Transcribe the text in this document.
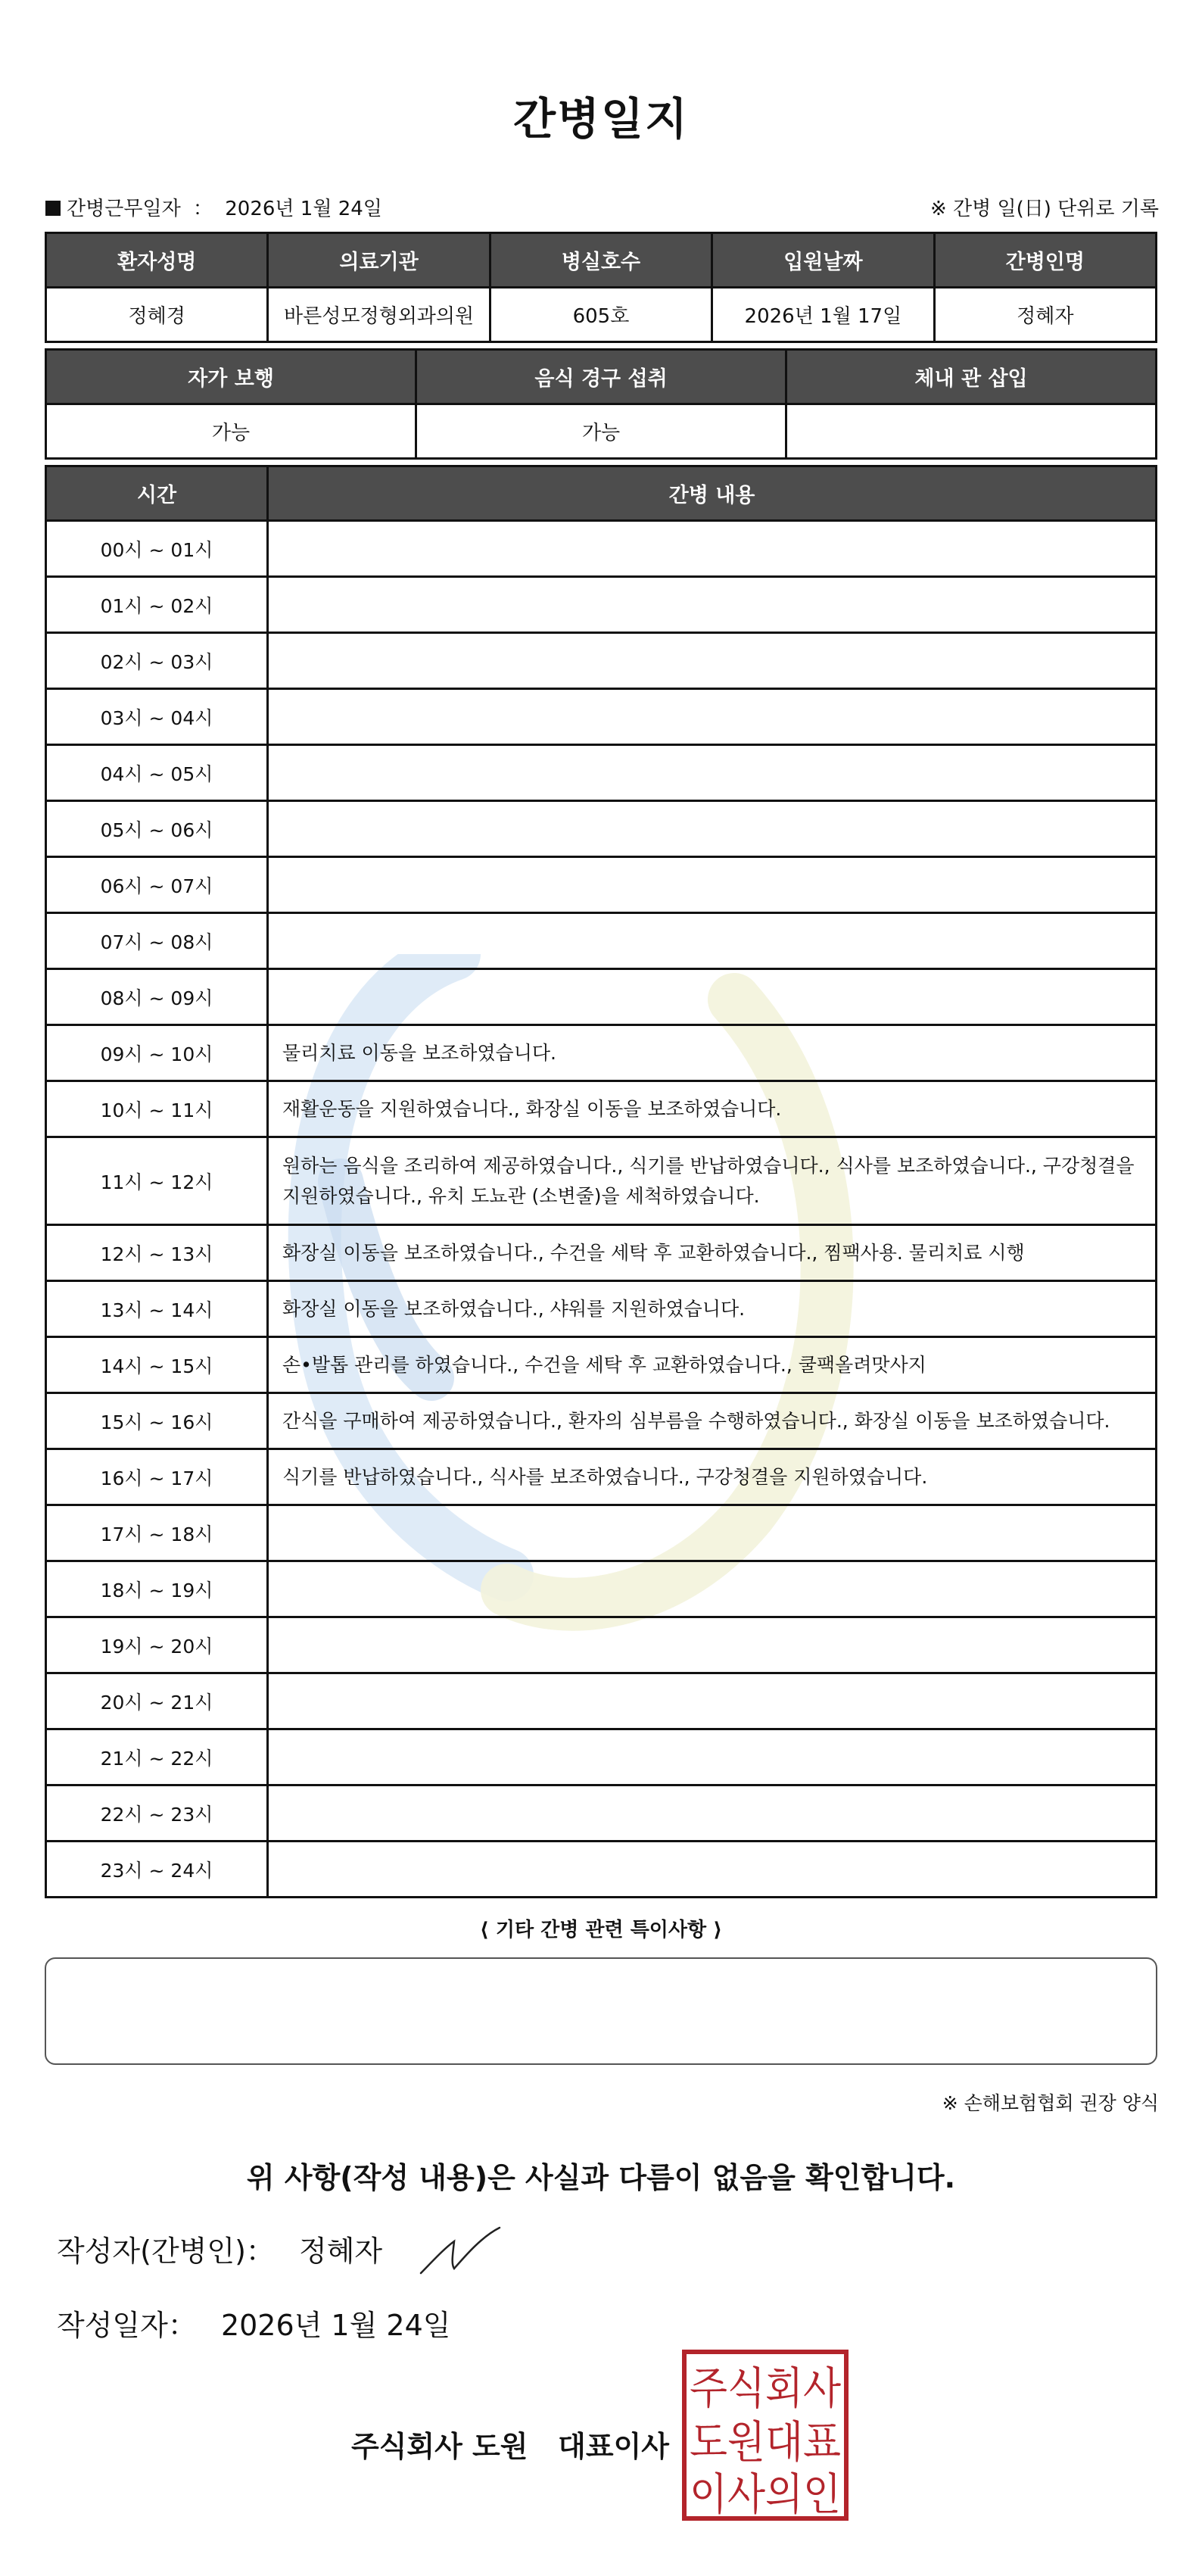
간병일지
간병근무일자 ： 2026년 1월 24일	※ 간병 일(日) 단위로 기록
환자성명	의료기관	병실호수	입원날짜	간병인명
정혜경	바른성모정형외과의원	605호	2026년 1월 17일	정혜자
자가 보행	음식 경구 섭취	체내 관 삽입
가능	가능	
시간	간병 내용
00시 ~ 01시	
01시 ~ 02시	
02시 ~ 03시	
03시 ~ 04시	
04시 ~ 05시	
05시 ~ 06시	
06시 ~ 07시	
07시 ~ 08시	
08시 ~ 09시	
09시 ~ 10시	물리치료 이동을 보조하였습니다.
10시 ~ 11시	재활운동을 지원하였습니다., 화장실 이동을 보조하였습니다.
11시 ~ 12시	원하는 음식을 조리하여 제공하였습니다., 식기를 반납하였습니다., 식사를 보조하였습니다., 구강청결을 지원하였습니다., 유치 도뇨관 (소변줄)을 세척하였습니다.
12시 ~ 13시	화장실 이동을 보조하였습니다., 수건을 세탁 후 교환하였습니다., 찜팩사용. 물리치료 시행
13시 ~ 14시	화장실 이동을 보조하였습니다., 샤워를 지원하였습니다.
14시 ~ 15시	손•발톱 관리를 하였습니다., 수건을 세탁 후 교환하였습니다., 쿨팩올려맛사지
15시 ~ 16시	간식을 구매하여 제공하였습니다., 환자의 심부름을 수행하였습니다., 화장실 이동을 보조하였습니다.
16시 ~ 17시	식기를 반납하였습니다., 식사를 보조하였습니다., 구강청결을 지원하였습니다.
17시 ~ 18시	
18시 ~ 19시	
19시 ~ 20시	
20시 ~ 21시	
21시 ~ 22시	
22시 ~ 23시	
23시 ~ 24시	
⟨ 기타 간병 관련 특이사항 ⟩
※ 손해보험협회 권장 양식
위 사항(작성 내용)은 사실과 다름이 없음을 확인합니다.
작성자(간병인)： 정혜자
작성일자： 2026년 1월 24일
주식회사 도원   대표이사
주식회사
도원대표
이사의인
